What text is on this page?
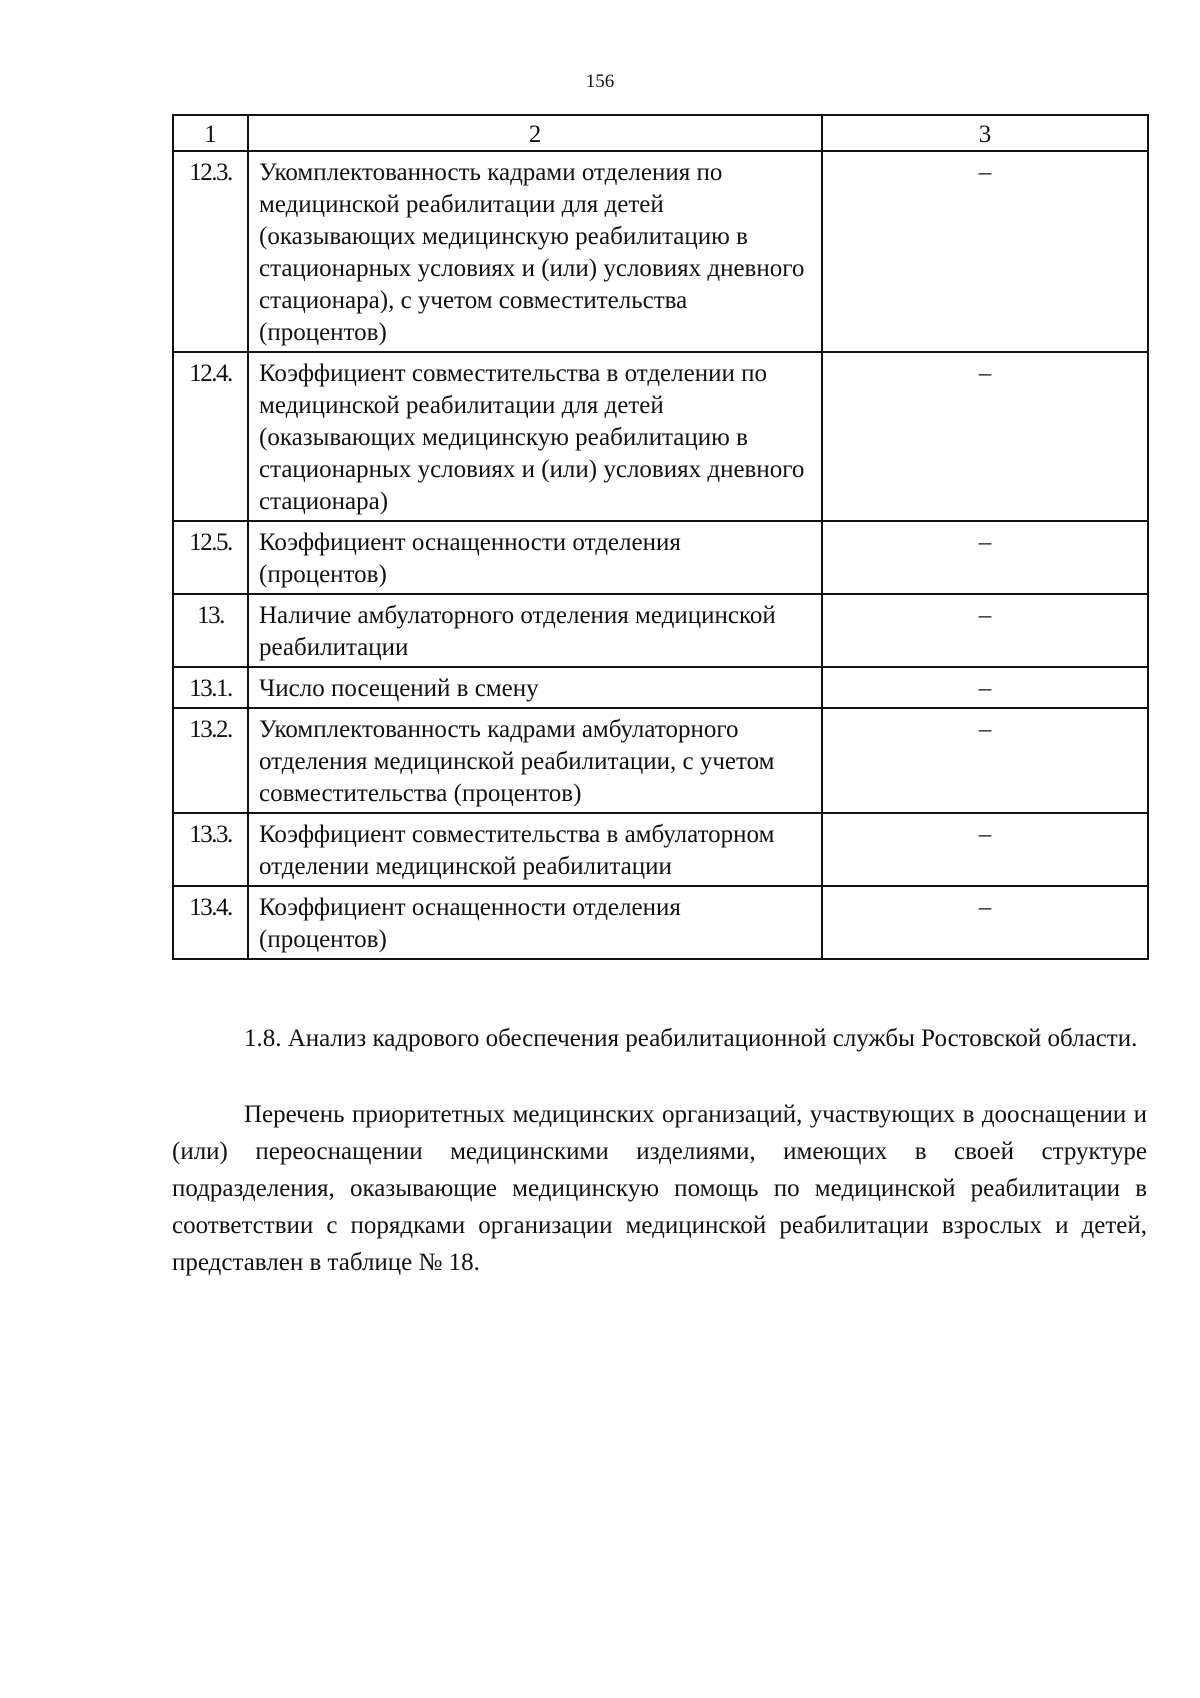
156
1	2	3
12.3.	Укомплектованность кадрами отделения по медицинской реабилитации для детей (оказывающих медицинскую реабилитацию в стационарных условиях и (или) условиях дневного стационара), с учетом совместительства (процентов)	–
12.4.	Коэффициент совместительства в отделении по медицинской реабилитации для детей (оказывающих медицинскую реабилитацию в стационарных условиях и (или) условиях дневного стационара)	–
12.5.	Коэффициент оснащенности отделения (процентов)	–
13.	Наличие амбулаторного отделения медицинской реабилитации	–
13.1.	Число посещений в смену	–
13.2.	Укомплектованность кадрами амбулаторного отделения медицинской реабилитации, с учетом совместительства (процентов)	–
13.3.	Коэффициент совместительства в амбулаторном отделении медицинской реабилитации	–
13.4.	Коэффициент оснащенности отделения (процентов)	–

1.8. Анализ кадрового обеспечения реабилитационной службы Ростовской области.

Перечень приоритетных медицинских организаций, участвующих в дооснащении и (или) переоснащении медицинскими изделиями, имеющих в своей структуре подразделения, оказывающие медицинскую помощь по медицинской реабилитации в соответствии с порядками организации медицинской реабилитации взрослых и детей, представлен в таблице № 18.
